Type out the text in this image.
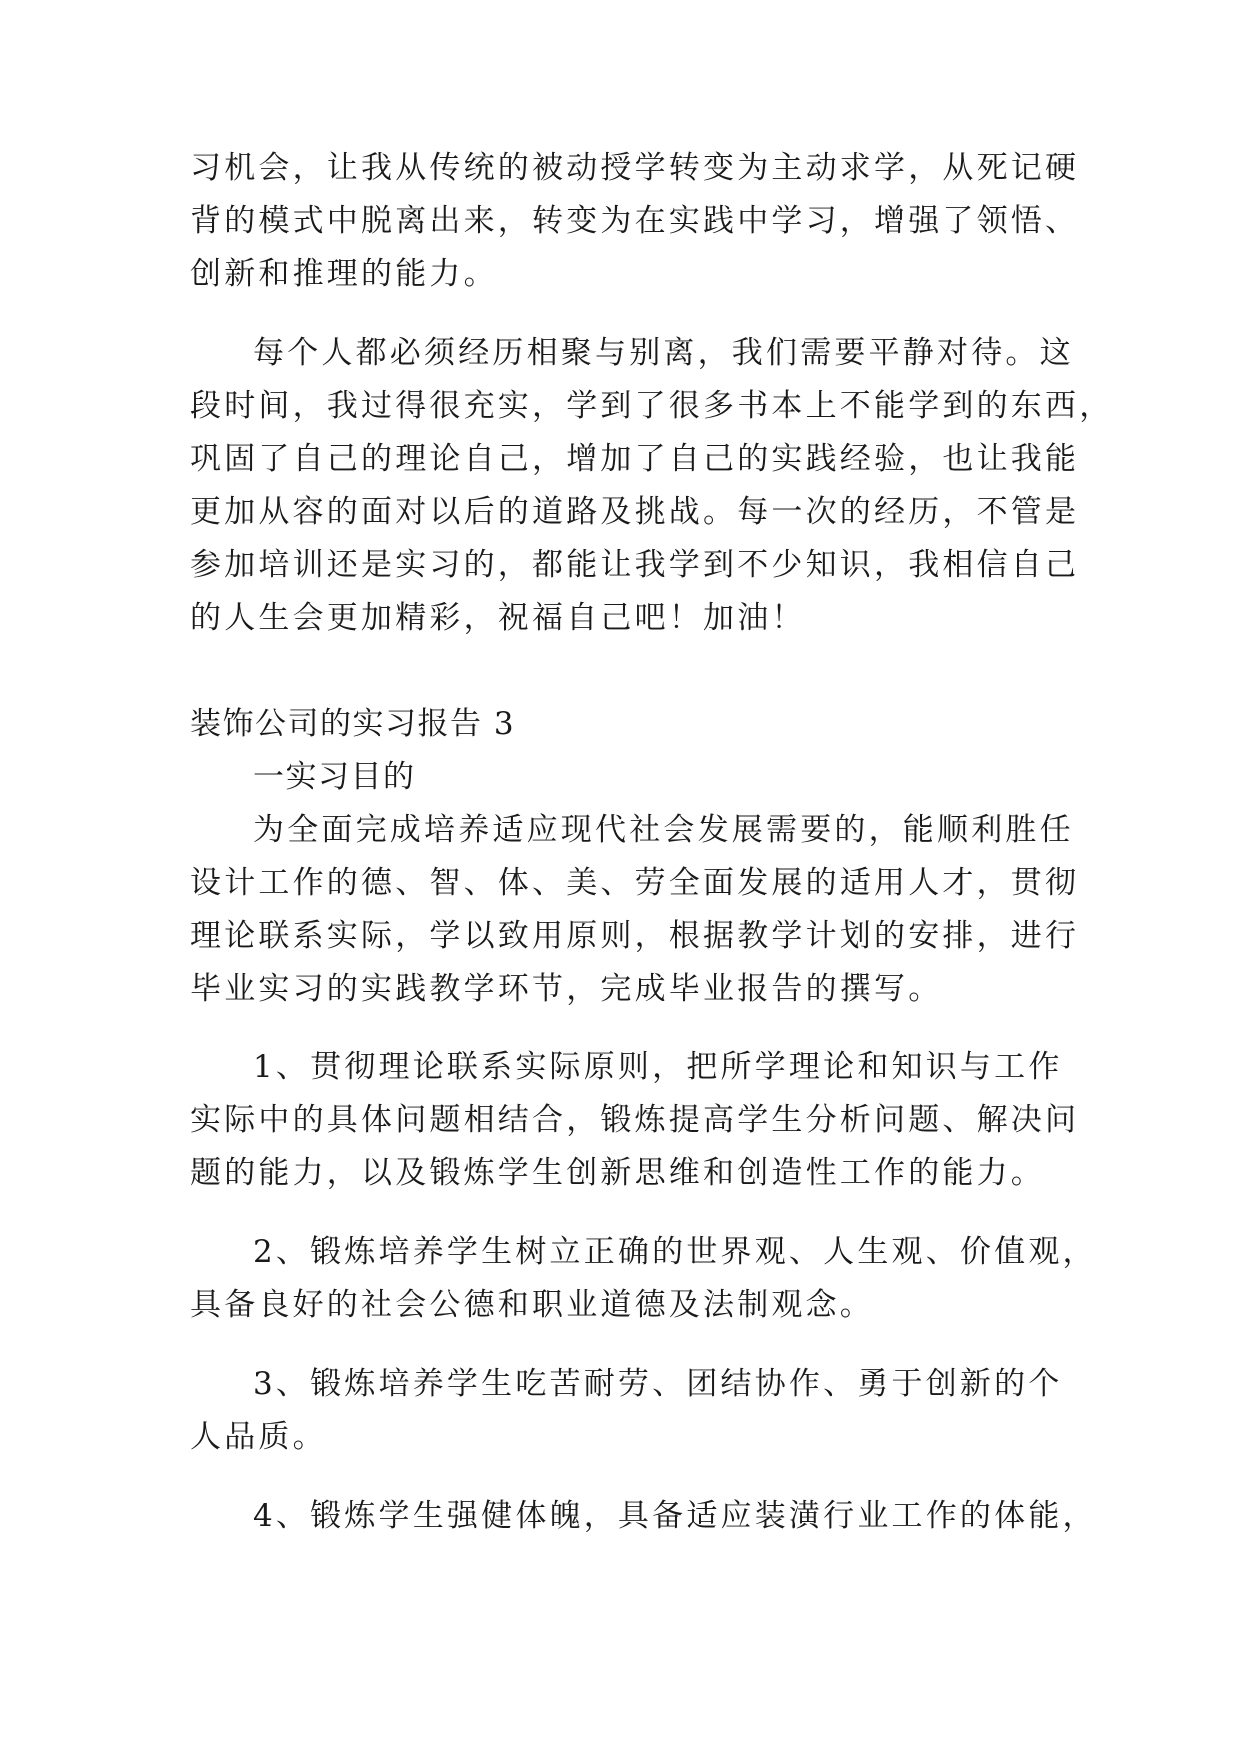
习机会，让我从传统的被动授学转变为主动求学，从死记硬
背的模式中脱离出来，转变为在实践中学习，增强了领悟、
创新和推理的能力。
每个人都必须经历相聚与别离，我们需要平静对待。这
段时间，我过得很充实，学到了很多书本上不能学到的东西，
巩固了自己的理论自己，增加了自己的实践经验，也让我能
更加从容的面对以后的道路及挑战。每一次的经历，不管是
参加培训还是实习的，都能让我学到不少知识，我相信自己
的人生会更加精彩，祝福自己吧！加油！
装饰公司的实习报告 3
一实习目的
为全面完成培养适应现代社会发展需要的，能顺利胜任
设计工作的德、智、体、美、劳全面发展的适用人才，贯彻
理论联系实际，学以致用原则，根据教学计划的安排，进行
毕业实习的实践教学环节，完成毕业报告的撰写。
1、贯彻理论联系实际原则，把所学理论和知识与工作
实际中的具体问题相结合，锻炼提高学生分析问题、解决问
题的能力，以及锻炼学生创新思维和创造性工作的能力。
2、锻炼培养学生树立正确的世界观、人生观、价值观，
具备良好的社会公德和职业道德及法制观念。
3、锻炼培养学生吃苦耐劳、团结协作、勇于创新的个
人品质。
4、锻炼学生强健体魄，具备适应装潢行业工作的体能，
